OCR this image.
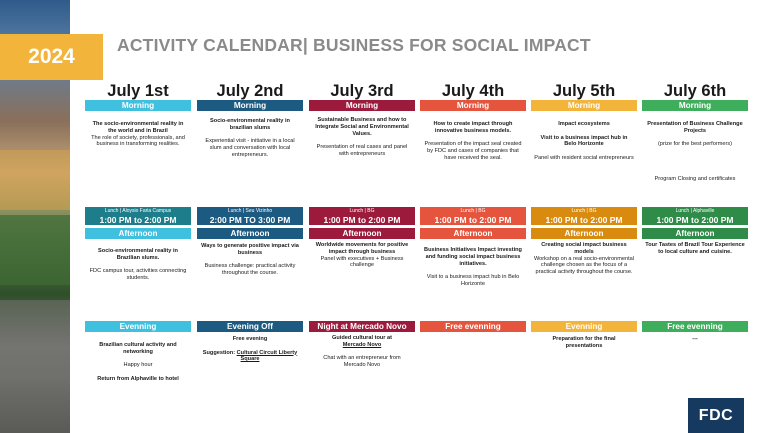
2024	ACTIVITY CALENDAR| BUSINESS FOR SOCIAL IMPACT
July 1st
Morning
The socio-environmental reality in the world and in Brazil
The role of society, professionals, and business in transforming realities.
Lunch | Aloysio Faria Campus
1:00 PM to 2:00 PM
Afternoon
Socio-environmental reality in Brazilian slums.

FDC campus tour, activities connecting students.
Evenning
Brazilian cultural activity and networking

Happy hour

Return from Alphaville to hotel
July 2nd
Morning
Socio-environmental reality in brazilian slums

Experiential visit - initiative in a local slum and conversation with local entrepreneurs.
Lunch | Seu Vizinho
2:00 PM TO 3:00 PM
Afternoon
Ways to generate positive impact via business

Business challenge: practical activity throughout the course.
Evening Off
Free evening

Suggestion: Cultural Circuit Liberty Square
July 3rd
Morning
Sustainable Business and how to Integrate Social and Environmental Values.

Presentation of real cases and panel with entrepreneurs
Lunch | BG
1:00 PM to 2:00 PM
Afternoon
Worldwide movements for positive impact through business
Panel with executives + Business challenge
Night at Mercado Novo
Guided cultural tour at
Mercado Novo

Chat with an entrepreneur from Mercado Novo
July 4th
Morning
How to create impact through innovative business models.

Presentation of the impact seal created by FDC and cases of companies that have received the seal.
Lunch | BG
1:00 PM to 2:00 PM
Afternoon
Business Initiatives Impact investing and funding social impact business initiatives.

Visit to a business impact hub in Belo Horizonte
Free evenning
July 5th
Morning
Impact ecosystems

Visit to a business impact hub in Belo Horizonte

Panel with resident social entrepreneurs
Lunch | BG
1:00 PM to 2:00 PM
Afternoon
Creating social impact business models
Workshop on a real socio-environmental challenge chosen as the focus of a practical activity throughout the course.
Evenning
Preparation for the final presentations
July 6th
Morning
Presentation of Business Challenge Projects

(prize for the best performers)
Program Closing and certificates
Lunch | Alphaville
1:00 PM to 2:00 PM
Afternoon
Tour Tastes of Brazil Tour Experience to local culture and cuisine.
Free evenning
---
FDC
